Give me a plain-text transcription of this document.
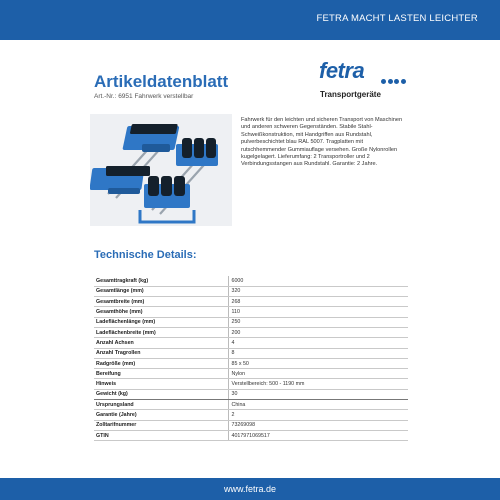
FETRA MACHT LASTEN LEICHTER
Artikeldatenblatt
Art.-Nr.: 6951 Fahrwerk verstellbar
fetra
Transportgeräte
Fahrwerk für den leichten und sicheren Transport von Maschinen und anderen schweren Gegenständen. Stabile Stahl-Schweißkonstruktion, mit Handgriffen aus Rundstahl, pulverbeschichtet blau RAL 5007. Tragplatten mit rutschhemmender Gummiauflage versehen. Große Nylonrollen kugelgelagert. Lieferumfang: 2 Transportroller und 2 Verbindungsstangen aus Rundstahl. Garantie: 2 Jahre.
Technische Details:
Gesamttragkraft (kg)	6000
Gesamtlänge (mm)	320
Gesamtbreite (mm)	268
Gesamthöhe (mm)	110
Ladeflächenlänge (mm)	250
Ladeflächenbreite (mm)	200
Anzahl Achsen	4
Anzahl Tragrollen	8
Radgröße (mm)	85 x 50
Bereifung	Nylon
Hinweis	Verstellbereich: 500 - 1190 mm
Gewicht (kg)	30
Ursprungsland	China
Garantie (Jahre)	2
Zolltarifnummer	73269098
GTIN	4017971069517
www.fetra.de
